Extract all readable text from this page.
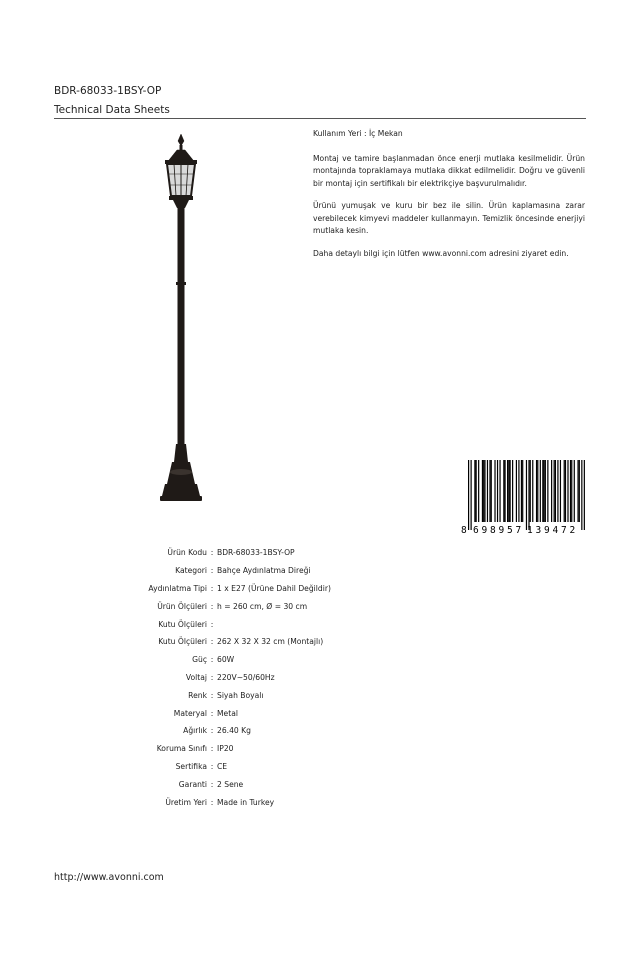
BDR-68033-1BSY-OP
Technical Data Sheets

Kullanım Yeri : İç Mekan

Montaj ve tamire başlanmadan önce enerji mutlaka kesilmelidir. Ürün montajında topraklamaya mutlaka dikkat edilmelidir. Doğru ve güvenli bir montaj için sertifikalı bir elektrikçiye başvurulmalıdır.

Ürünü yumuşak ve kuru bir bez ile silin. Ürün kaplamasına zarar verebilecek kimyevi maddeler kullanmayın. Temizlik öncesinde enerjiyi mutlaka kesin.

Daha detaylı bilgi için lütfen www.avonni.com adresini ziyaret edin.

8 6 9 8 9 5 7 1 3 9 4 7 2
Ürün Kodu : BDR-68033-1BSY-OP
Kategori : Bahçe Aydınlatma Direği
Aydınlatma Tipi : 1 x E27 (Ürüne Dahil Değildir)
Ürün Ölçüleri : h = 260 cm, Ø = 30 cm
Kutu Ölçüleri :
Kutu Ölçüleri : 262 X 32 X 32 cm (Montajlı)
Güç : 60W
Voltaj : 220V~50/60Hz
Renk : Siyah Boyalı
Materyal : Metal
Ağırlık : 26.40 Kg
Koruma Sınıfı : IP20
Sertifika : CE
Garanti : 2 Sene
Üretim Yeri : Made in Turkey
http://www.avonni.com
